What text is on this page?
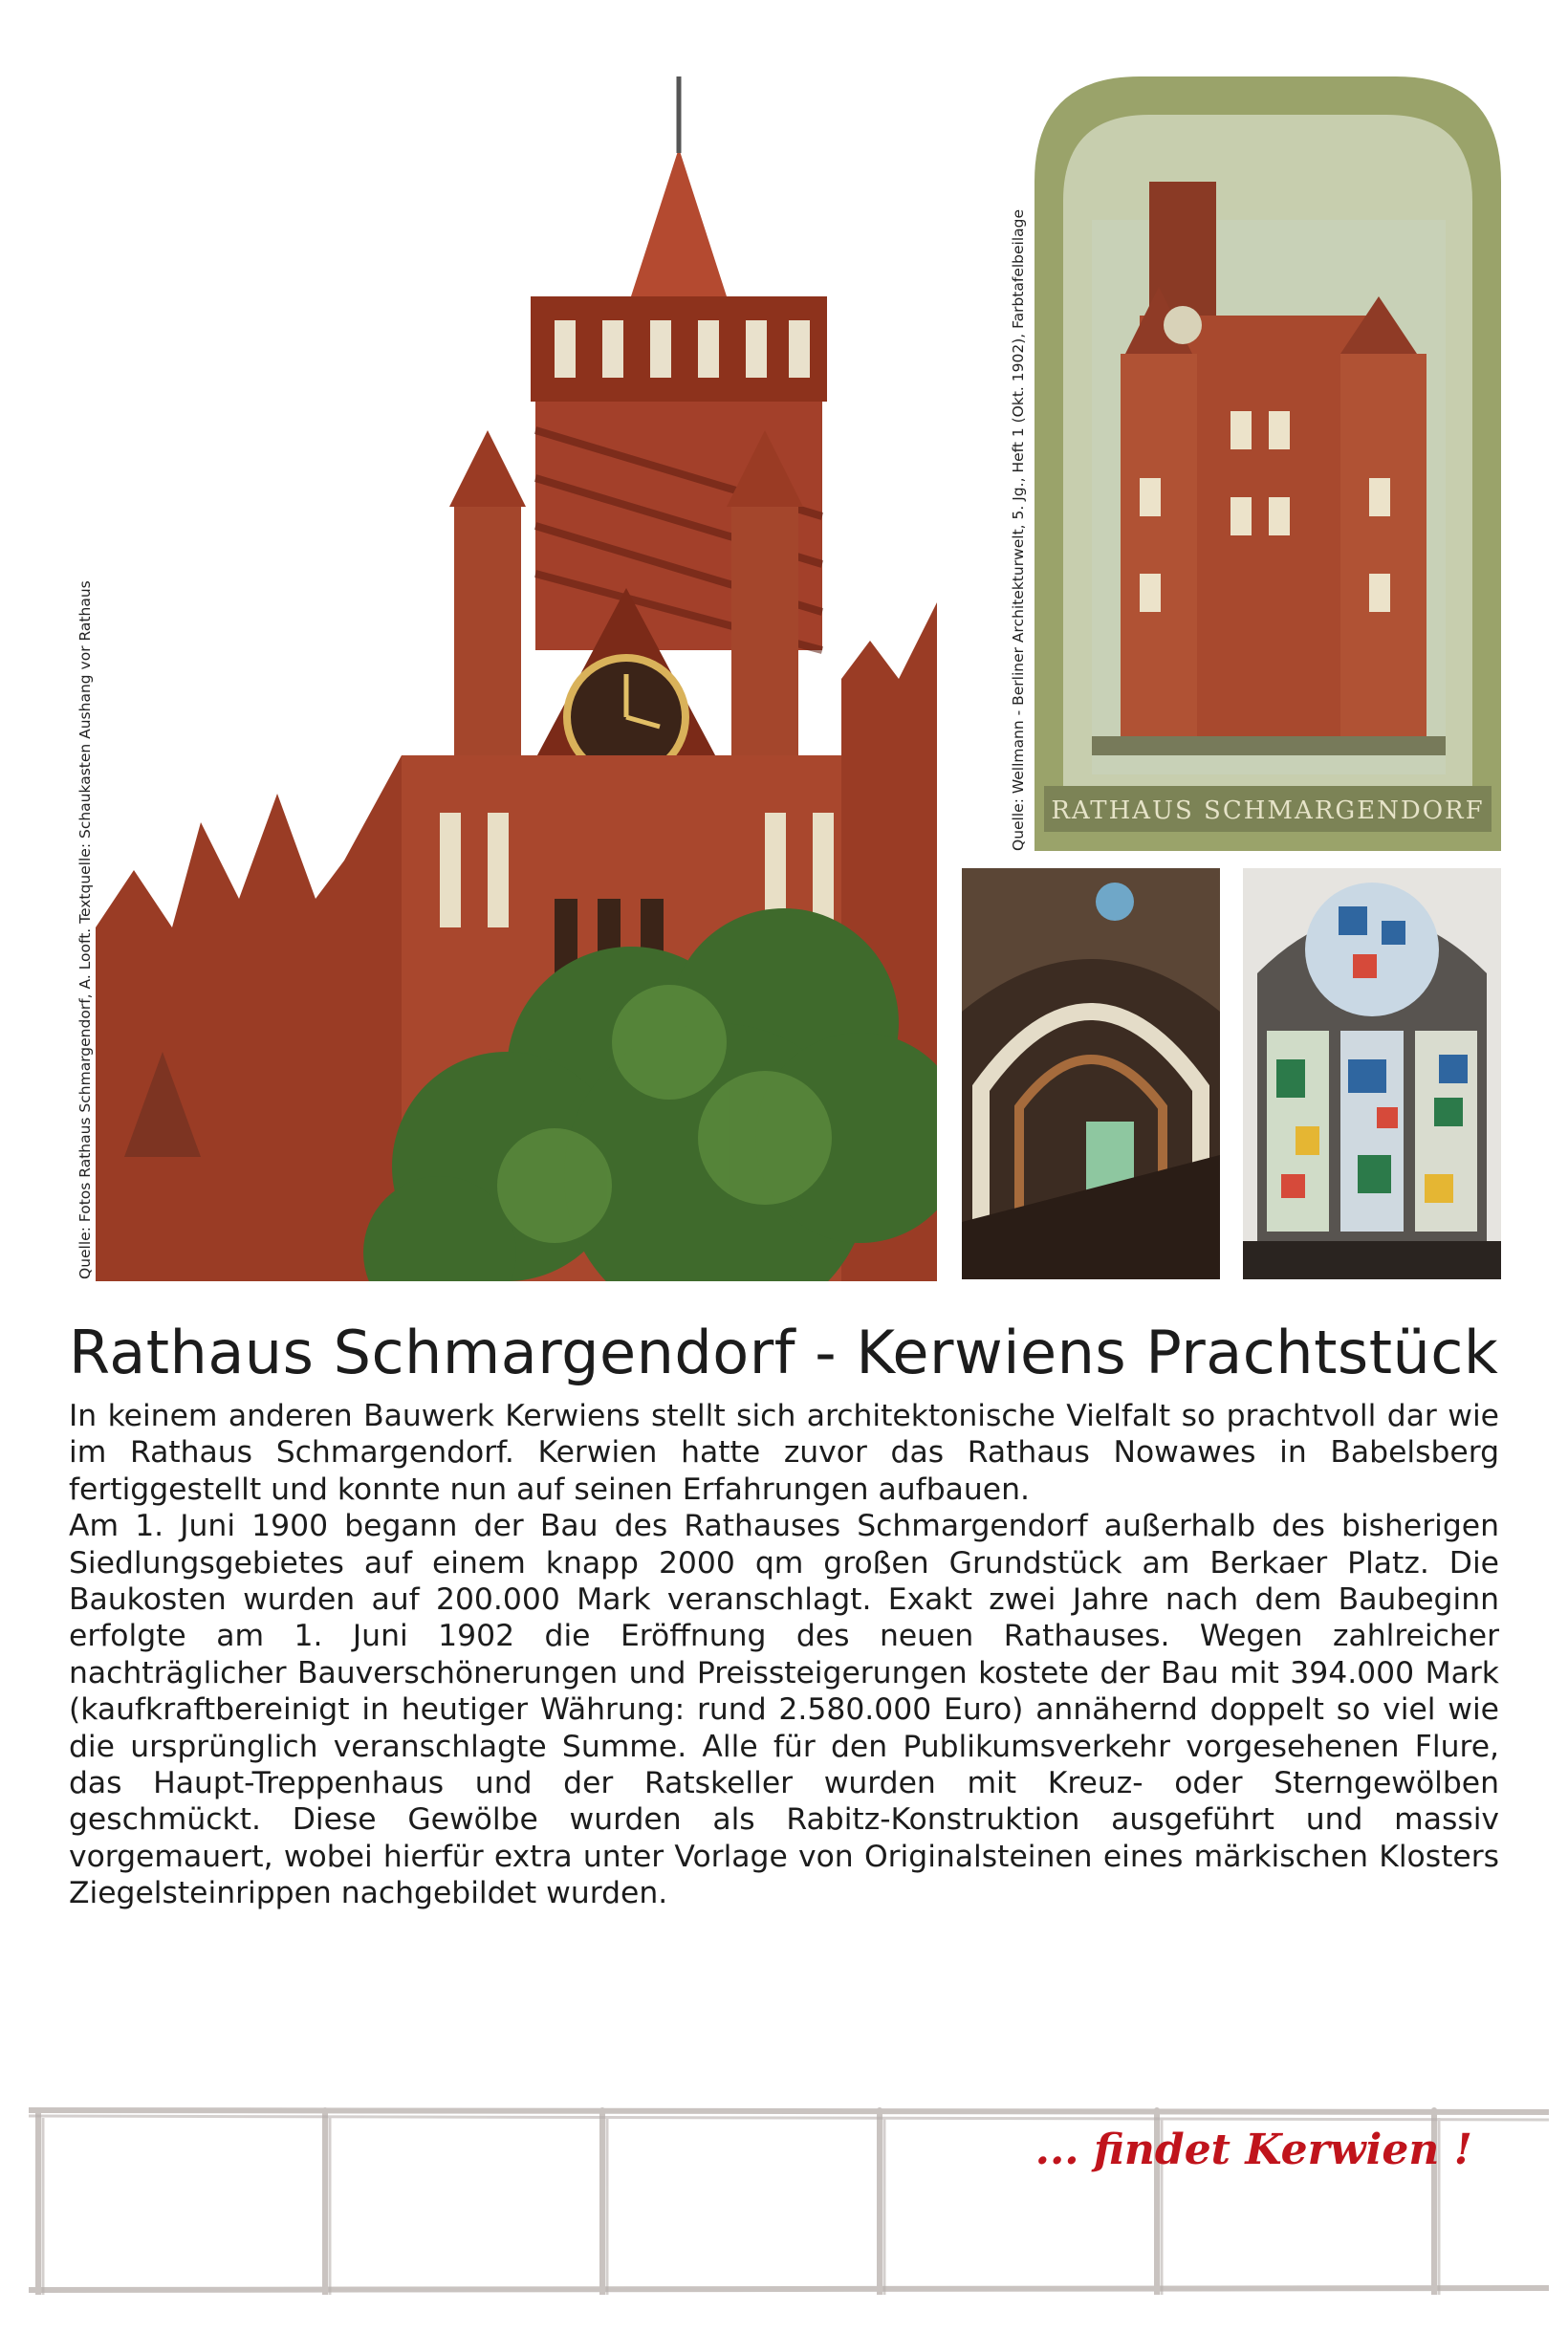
Quelle: Fotos Rathaus Schmargendorf, A. Looft. Textquelle: Schaukasten Aushang vor Rathaus
Quelle: Wellmann - Berliner Architekturwelt, 5. Jg., Heft 1 (Okt. 1902), Farbtafelbeilage RATHAUS SCHMARGENDORF
Rathaus Schmargendorf - Kerwiens Prachtstück

In keinem anderen Bauwerk Kerwiens stellt sich architektonische Vielfalt so prachtvoll dar wie im Rathaus Schmargendorf. Kerwien hatte zuvor das Rathaus Nowawes in Babelsberg fertiggestellt und konnte nun auf seinen Erfahrungen aufbauen.

Am 1. Juni 1900 begann der Bau des Rathauses Schmargendorf außerhalb des bisherigen Siedlungsgebietes auf einem knapp 2000 qm großen Grundstück am Berkaer Platz. Die Baukosten wurden auf 200.000 Mark veranschlagt. Exakt zwei Jahre nach dem Baubeginn erfolgte am 1. Juni 1902 die Eröffnung des neuen Rathauses. Wegen zahlreicher nachträglicher Bauverschönerungen und Preissteigerungen kostete der Bau mit 394.000 Mark (kaufkraftbereinigt in heutiger Währung: rund 2.580.000 Euro) annähernd doppelt so viel wie die ursprünglich veranschlagte Summe. Alle für den Publikumsverkehr vorgesehenen Flure, das Haupt-Treppenhaus und der Ratskeller wurden mit Kreuz- oder Sterngewölben geschmückt. Diese Gewölbe wurden als Rabitz-Konstruktion ausgeführt und massiv vorgemauert, wobei hierfür extra unter Vorlage von Originalsteinen eines märkischen Klosters Ziegelsteinrippen nachgebildet wurden.

... findet Kerwien !
